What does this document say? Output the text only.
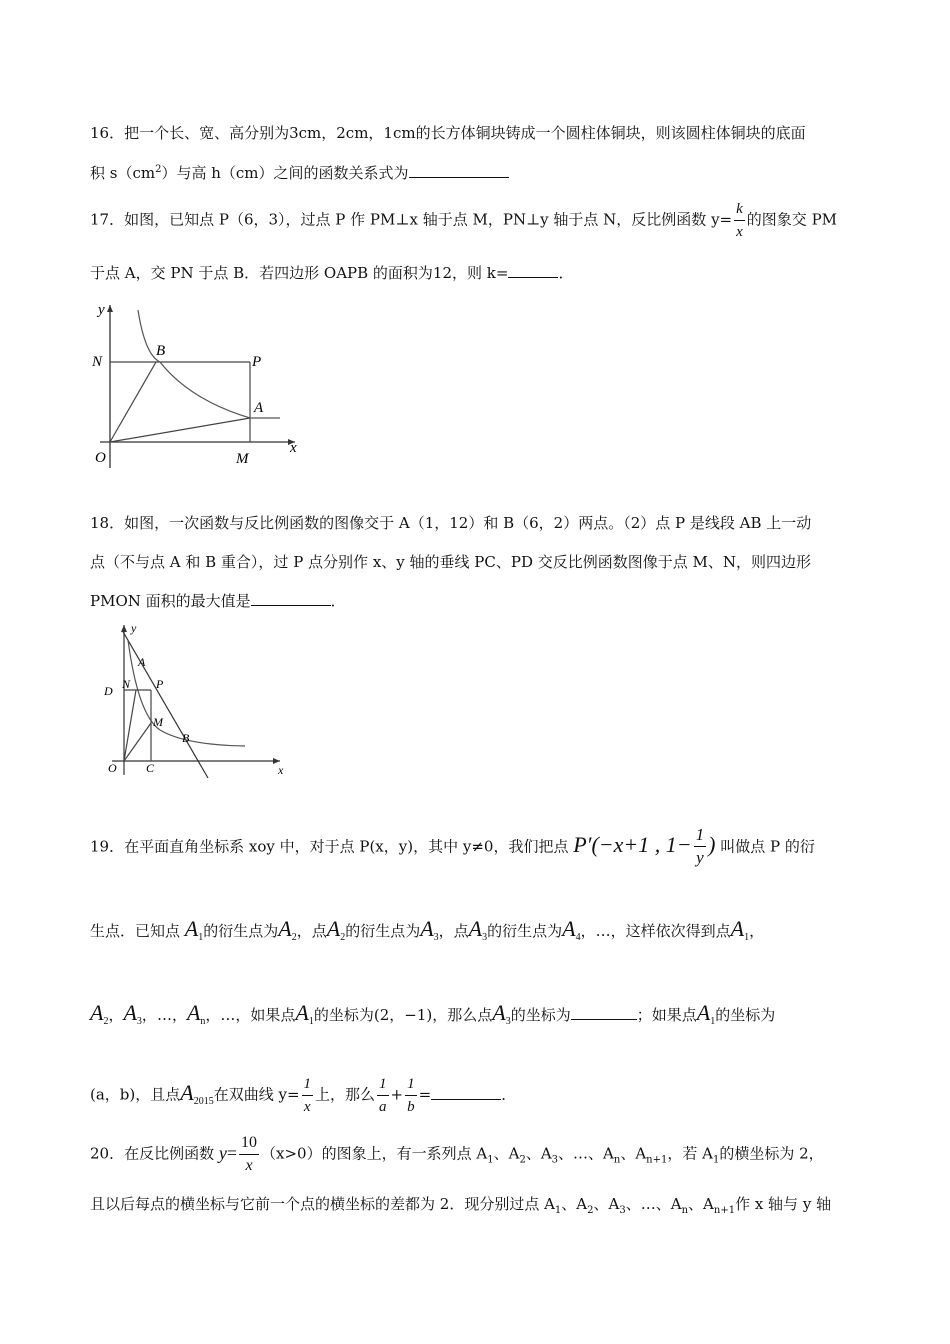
16．把一个长、宽、高分别为3cm，2cm，1cm的长方体铜块铸成一个圆柱体铜块，则该圆柱体铜块的底面
积 $s(cm^2)$与高 h（cm）之间的函数关系式为
17．如图，已知点 P（6，3），过点 P 作 PM⊥x 轴于点 M，PN⊥y 轴于点 N，反比例函数 $y= \frac{k}{x}$ 的图象交 PM
于点 A，交 PN 于点 B．若四边形 OAPB 的面积为12，则 k=	．
y
x
N
B
P
A
O	M
18．如图，一次函数与反比例函数的图像交于 A（1，12）和 B（6，2）两点。（2）点 P 是线段 AB 上一动
点（不与点 A 和 B 重合），过 P 点分别作 x、y 轴的垂线 PC、PD 交反比例函数图像于点 M、N，则四边形
PMON 面积的最大值是	．
y
x
A
D N P
M
B
O C
19．在平面直角坐标系 xoy 中，对于点 P(x，y)，其中 y≠0，我们把点 P′(−x+1 , $1- \frac{1}{y}$ ) 叫做点 P 的衍
生点．已知点 $A_1$的衍生点为$A_2$，点$A_2$的衍生点为$A_3$，点$A_3$的衍生点为$A_4$，…，这样依次得到点$A_1$，
$A_2$，$A_3$，…，$A_n$，…，如果点$A_1$的坐标为(2，−1)，那么点$A_3$的坐标为	；如果点$A_1$的坐标为
(a，b)，且点$A_{2015}$在双曲线 $y= \frac{1}{x}$ 上，那么 $\frac{1}{a} + \frac{1}{b}$ =	．
20．在反比例函数 $y= \frac{10}{x} (x>0)$的图象上，有一系列点 $A_1$、$A_2$、$A_3$、…、$A_n$、$A_{n+1}$，若 $A_1$的横坐标为 2，
且以后每点的横坐标与它前一个点的横坐标的差都为 2．现分别过点 $A_1$、$A_2$、$A_3$、…、$A_n$、$A_{n+1}$作 x 轴与 y 轴
